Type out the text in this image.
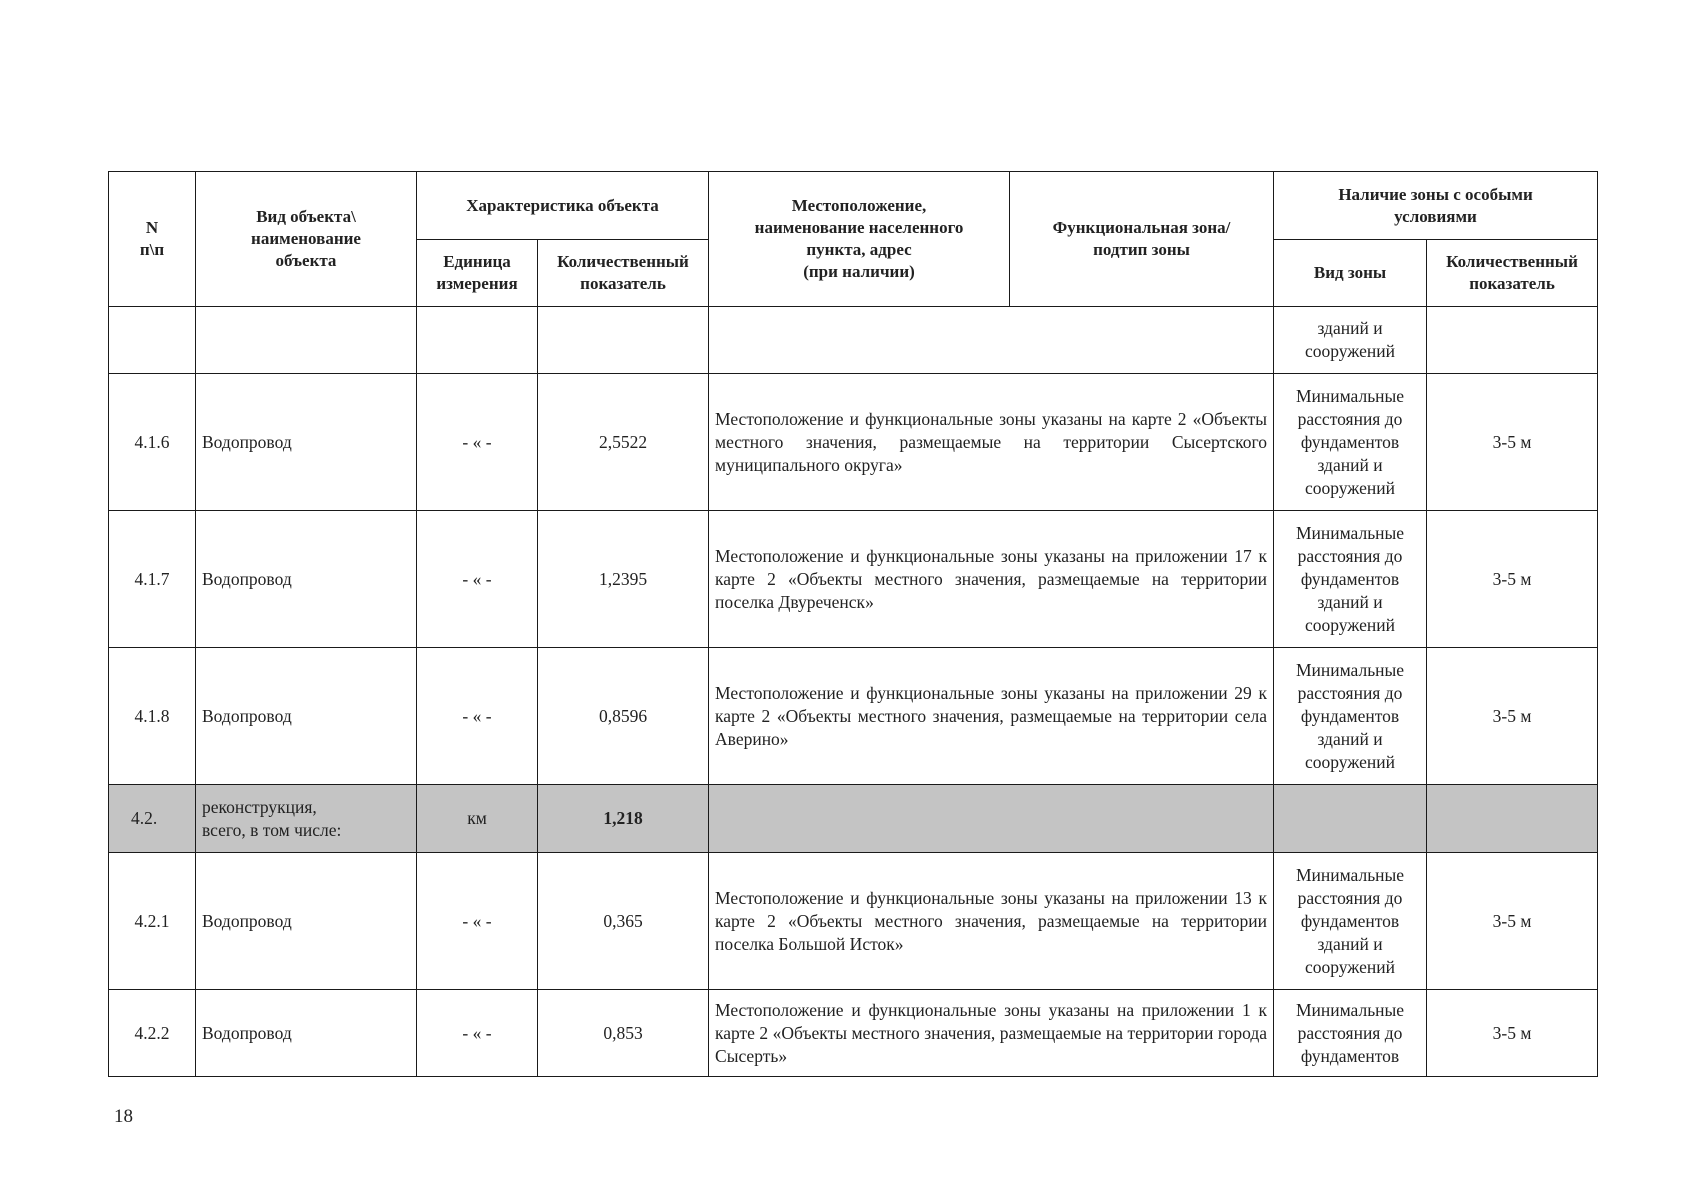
N
п\п	Вид объекта\
наименование
объекта	Характеристика объекта		Местоположение,
наименование населенного
пункта, адрес
(при наличии)	Функциональная зона/
подтип зоны	Наличие зоны с особыми
условиями	
		Единица
измерения	Количественный
показатель			Вид зоны	Количественный
показатель
						зданий и
сооружений	
4.1.6	Водопровод	- « -	2,5522	Местоположение и функциональные зоны указаны на карте 2 «Объекты местного значения, размещаемые на территории Сысертского муниципального округа»		Минимальные
расстояния до
фундаментов
зданий и
сооружений	3-5 м
4.1.7	Водопровод	- « -	1,2395	Местоположение и функциональные зоны указаны на приложении 17 к карте 2 «Объекты местного значения, размещаемые на территории поселка Двуреченск»		Минимальные
расстояния до
фундаментов
зданий и
сооружений	3-5 м
4.1.8	Водопровод	- « -	0,8596	Местоположение и функциональные зоны указаны на приложении 29 к карте 2 «Объекты местного значения, размещаемые на территории села Аверино»		Минимальные
расстояния до
фундаментов
зданий и
сооружений	3-5 м
4.2.	реконструкция,
всего, в том числе:	км	1,218				
4.2.1	Водопровод	- « -	0,365	Местоположение и функциональные зоны указаны на приложении 13 к карте 2 «Объекты местного значения, размещаемые на территории поселка Большой Исток»		Минимальные
расстояния до
фундаментов
зданий и
сооружений	3-5 м
4.2.2	Водопровод	- « -	0,853	Местоположение и функциональные зоны указаны на приложении 1 к карте 2 «Объекты местного значения, размещаемые на территории города Сысерть»		Минимальные
расстояния до
фундаментов	3-5 м
18
